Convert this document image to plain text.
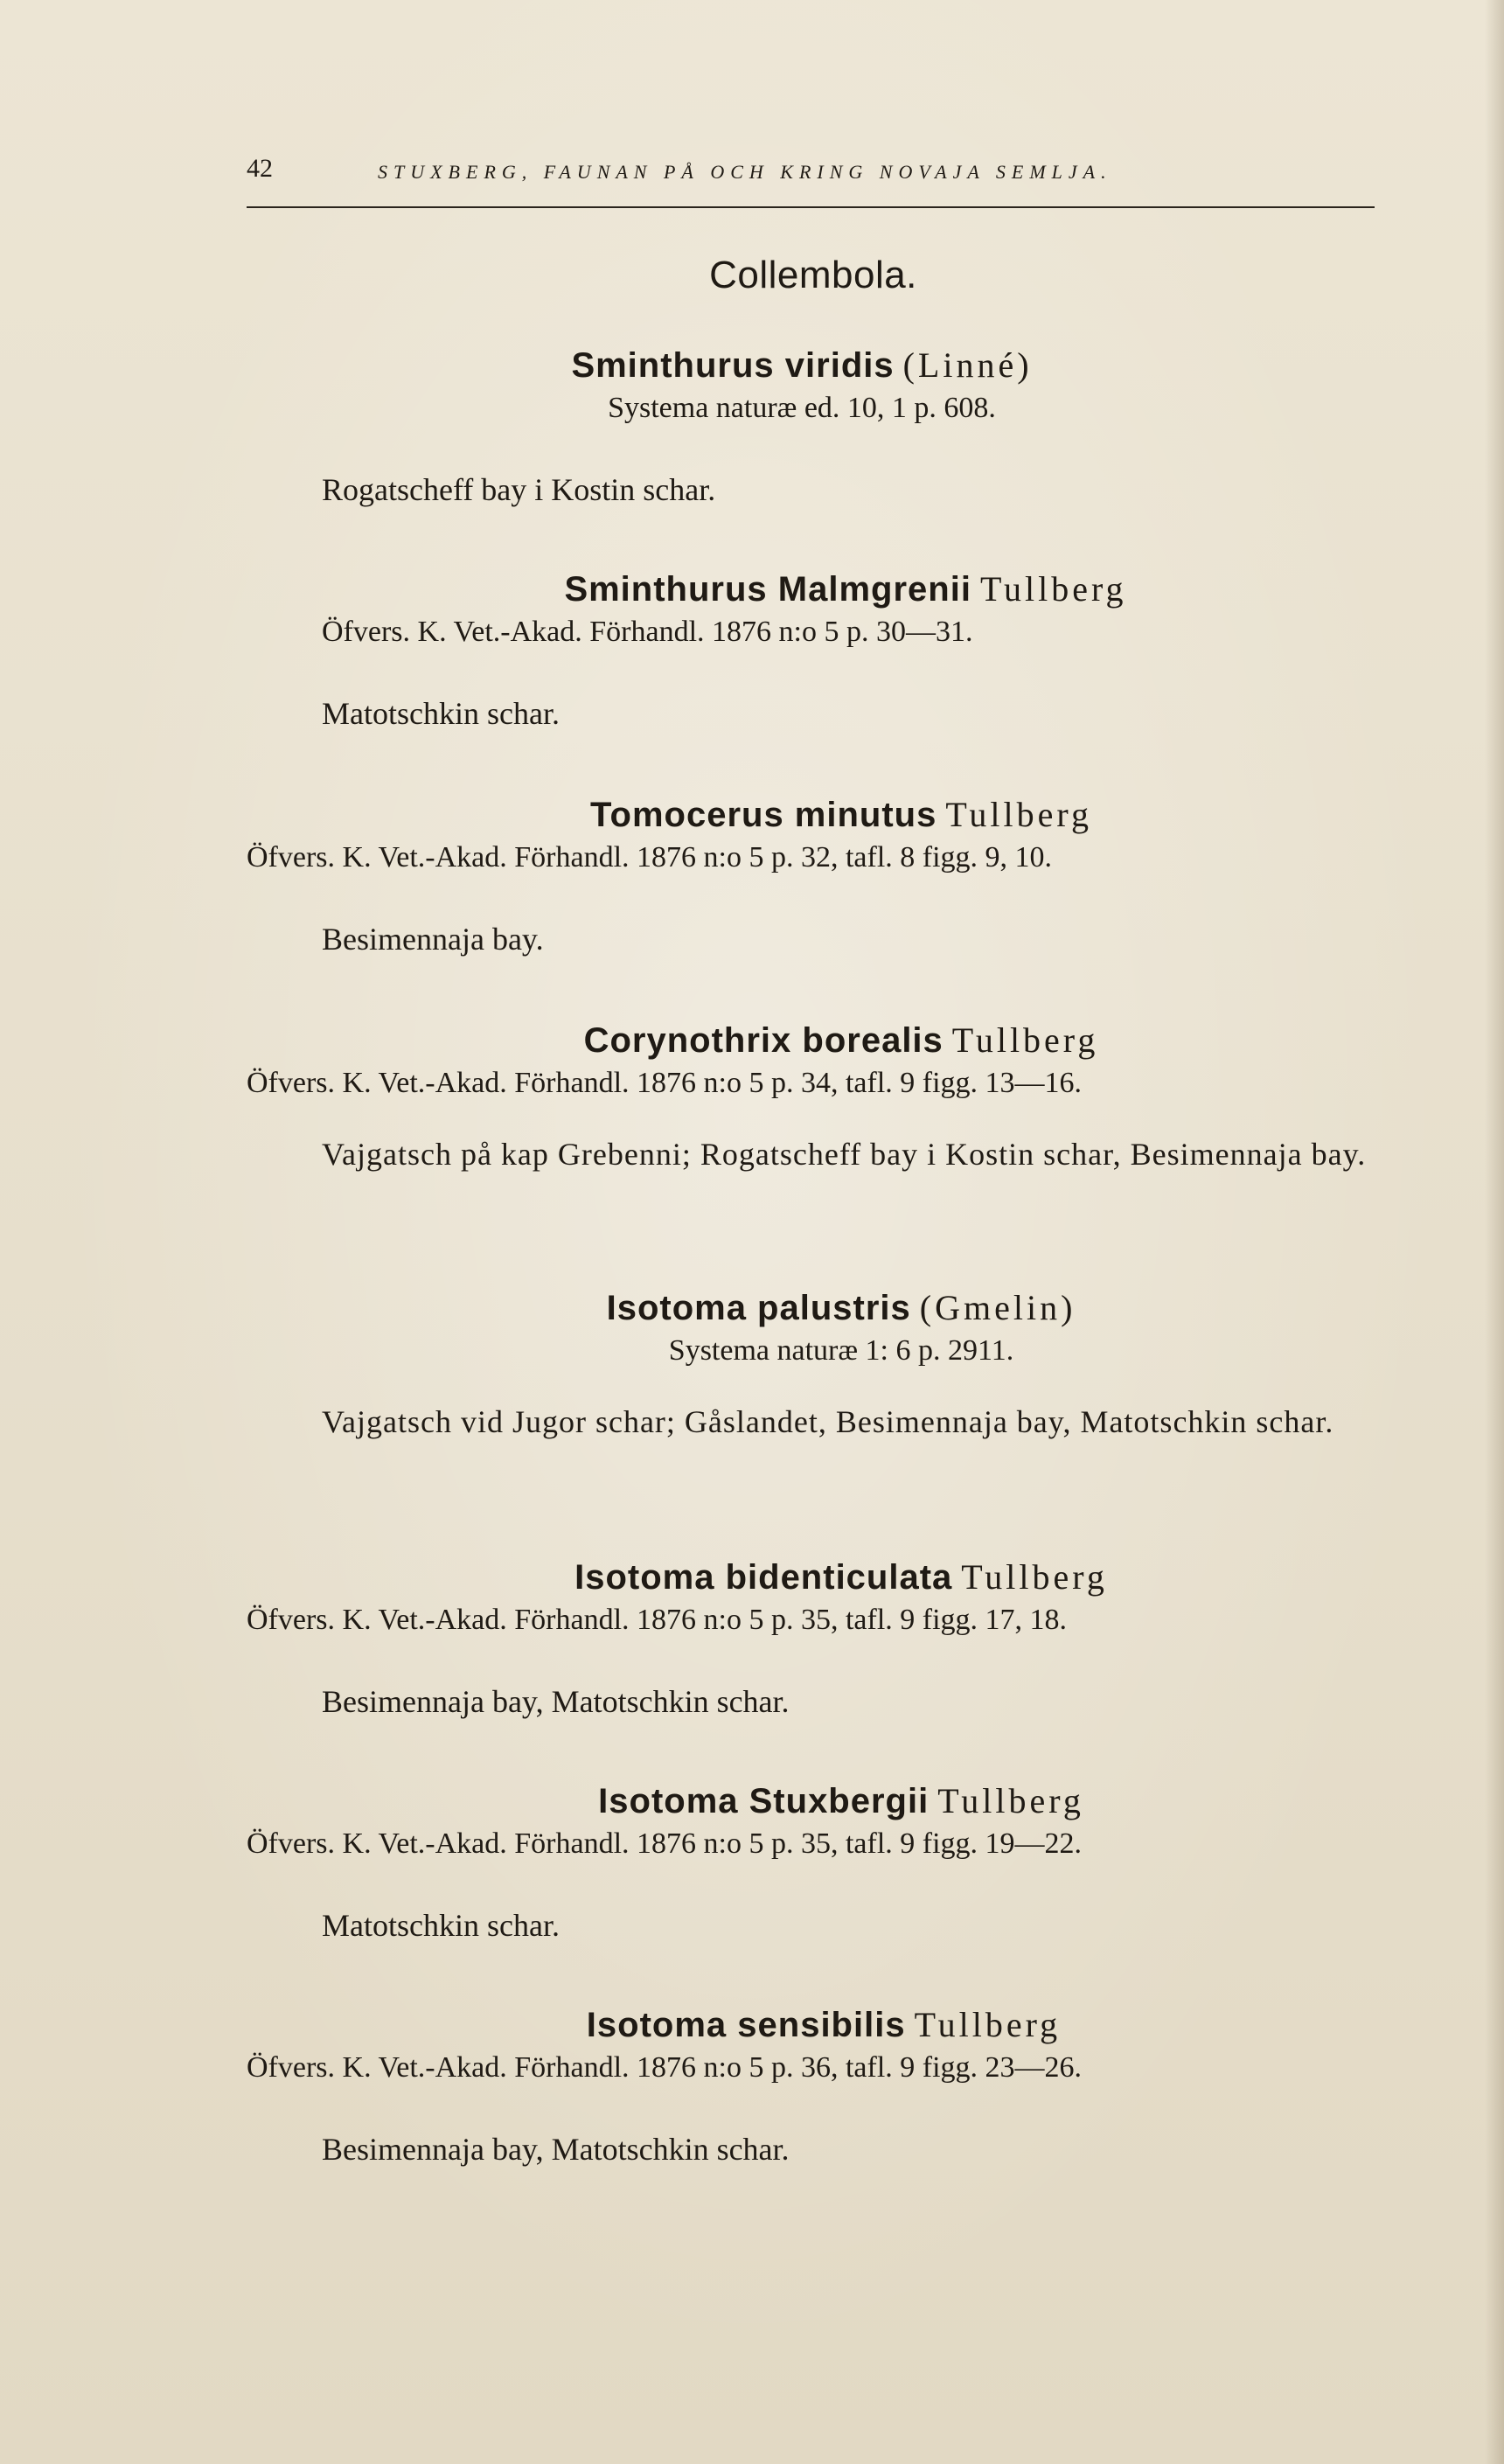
42	STUXBERG, FAUNAN PÅ OCH KRING NOVAJA SEMLJA.
Collembola.
Sminthurus viridis (Linné)
Systema naturæ ed. 10, 1 p. 608.
Rogatscheff bay i Kostin schar.
Sminthurus Malmgrenii Tullberg
Öfvers. K. Vet.-Akad. Förhandl. 1876 n:o 5 p. 30—31.
Matotschkin schar.
Tomocerus minutus Tullberg
Öfvers. K. Vet.-Akad. Förhandl. 1876 n:o 5 p. 32, tafl. 8 figg. 9, 10.
Besimennaja bay.
Corynothrix borealis Tullberg
Öfvers. K. Vet.-Akad. Förhandl. 1876 n:o 5 p. 34, tafl. 9 figg. 13—16.
Vajgatsch på kap Grebenni; Rogatscheff bay i Kostin schar, Besimennaja bay.
Isotoma palustris (Gmelin)
Systema naturæ 1: 6 p. 2911.
Vajgatsch vid Jugor schar; Gåslandet, Besimennaja bay, Matotschkin schar.
Isotoma bidenticulata Tullberg
Öfvers. K. Vet.-Akad. Förhandl. 1876 n:o 5 p. 35, tafl. 9 figg. 17, 18.
Besimennaja bay, Matotschkin schar.
Isotoma Stuxbergii Tullberg
Öfvers. K. Vet.-Akad. Förhandl. 1876 n:o 5 p. 35, tafl. 9 figg. 19—22.
Matotschkin schar.
Isotoma sensibilis Tullberg
Öfvers. K. Vet.-Akad. Förhandl. 1876 n:o 5 p. 36, tafl. 9 figg. 23—26.
Besimennaja bay, Matotschkin schar.
